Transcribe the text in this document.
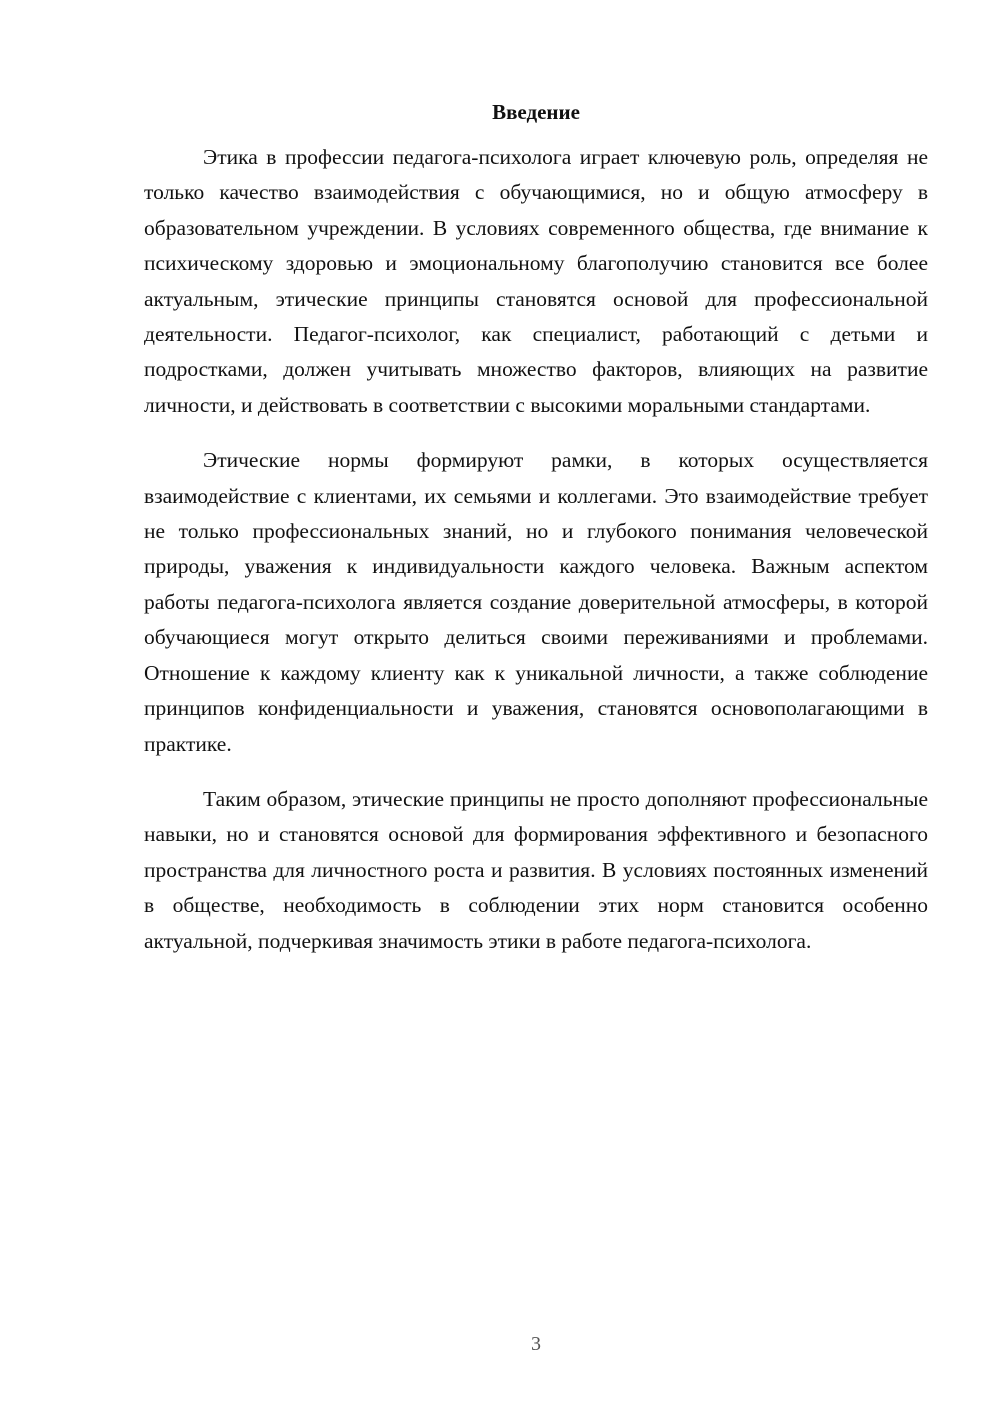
Введение

Этика в профессии педагога-психолога играет ключевую роль, определяя не только качество взаимодействия с обучающимися, но и общую атмосферу в образовательном учреждении. В условиях современного общества, где внимание к психическому здоровью и эмоциональному благополучию становится все более актуальным, этические принципы становятся основой для профессиональной деятельности. Педагог-психолог, как специалист, работающий с детьми и подростками, должен учитывать множество факторов, влияющих на развитие личности, и действовать в соответствии с высокими моральными стандартами.

Этические нормы формируют рамки, в которых осуществляется взаимодействие с клиентами, их семьями и коллегами. Это взаимодействие требует не только профессиональных знаний, но и глубокого понимания человеческой природы, уважения к индивидуальности каждого человека. Важным аспектом работы педагога-психолога является создание доверительной атмосферы, в которой обучающиеся могут открыто делиться своими переживаниями и проблемами. Отношение к каждому клиенту как к уникальной личности, а также соблюдение принципов конфиденциальности и уважения, становятся основополагающими в практике.

Таким образом, этические принципы не просто дополняют профессиональные навыки, но и становятся основой для формирования эффективного и безопасного пространства для личностного роста и развития. В условиях постоянных изменений в обществе, необходимость в соблюдении этих норм становится особенно актуальной, подчеркивая значимость этики в работе педагога-психолога.

3
